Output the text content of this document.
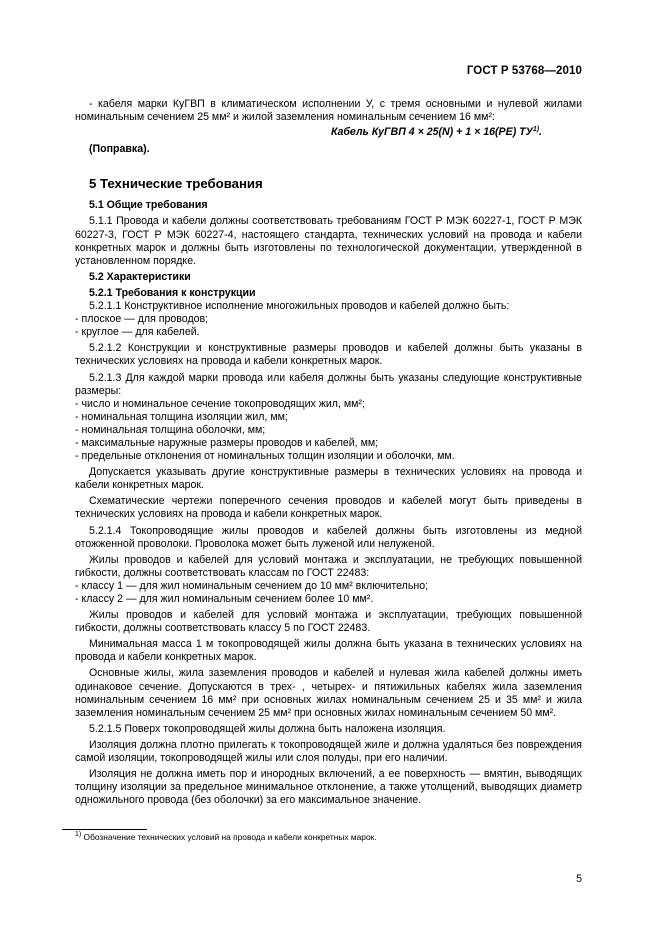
ГОСТ Р 53768—2010

- кабеля марки КуГВП в климатическом исполнении У, с тремя основными и нулевой жилами номинальным сечением 25 мм² и жилой заземления номинальным сечением 16 мм²:

Кабель КуГВП 4 × 25(N) + 1 × 16(PE) ТУ$^{1)}$.

(Поправка).

5 Технические требования

5.1 Общие требования

5.1.1 Провода и кабели должны соответствовать требованиям ГОСТ Р МЭК 60227-1, ГОСТ Р МЭК 60227-3, ГОСТ Р МЭК 60227-4, настоящего стандарта, технических условий на провода и кабели конкретных марок и должны быть изготовлены по технологической документации, утвержденной в установленном порядке.

5.2 Характеристики

5.2.1 Требования к конструкции

5.2.1.1 Конструктивное исполнение многожильных проводов и кабелей должно быть:

- плоское — для проводов;

- круглое — для кабелей.

5.2.1.2 Конструкции и конструктивные размеры проводов и кабелей должны быть указаны в технических условиях на провода и кабели конкретных марок.

5.2.1.3 Для каждой марки провода или кабеля должны быть указаны следующие конструктивные размеры:

- число и номинальное сечение токопроводящих жил, мм²;

- номинальная толщина изоляции жил, мм;

- номинальная толщина оболочки, мм;

- максимальные наружные размеры проводов и кабелей, мм;

- предельные отклонения от номинальных толщин изоляции и оболочки, мм.

Допускается указывать другие конструктивные размеры в технических условиях на провода и кабели конкретных марок.

Схематические чертежи поперечного сечения проводов и кабелей могут быть приведены в технических условиях на провода и кабели конкретных марок.

5.2.1.4 Токопроводящие жилы проводов и кабелей должны быть изготовлены из медной отожженной проволоки. Проволока может быть луженой или нелуженой.

Жилы проводов и кабелей для условий монтажа и эксплуатации, не требующих повышенной гибкости, должны соответствовать классам по ГОСТ 22483:

- классу 1 — для жил номинальным сечением до 10 мм² включительно;

- классу 2 — для жил номинальным сечением более 10 мм².

Жилы проводов и кабелей для условий монтажа и эксплуатации, требующих повышенной гибкости, должны соответствовать классу 5 по ГОСТ 22483.

Минимальная масса 1 м токопроводящей жилы должна быть указана в технических условиях на провода и кабели конкретных марок.

Основные жилы, жила заземления проводов и кабелей и нулевая жила кабелей должны иметь одинаковое сечение. Допускаются в трех- , четырех- и пятижильных кабелях жила заземления номинальным сечением 16 мм² при основных жилах номинальным сечением 25 и 35 мм² и жила заземления номинальным сечением 25 мм² при основных жилах номинальным сечением 50 мм².

5.2.1.5 Поверх токопроводящей жилы должна быть наложена изоляция.

Изоляция должна плотно прилегать к токопроводящей жиле и должна удаляться без повреждения самой изоляции, токопроводящей жилы или слоя полуды, при его наличии.

Изоляция не должна иметь пор и инородных включений, а ее поверхность — вмятин, выводящих толщину изоляции за предельное минимальное отклонение, а также утолщений, выводящих диаметр одножильного провода (без оболочки) за его максимальное значение.

$^{1)}$ Обозначение технических условий на провода и кабели конкретных марок.
5
